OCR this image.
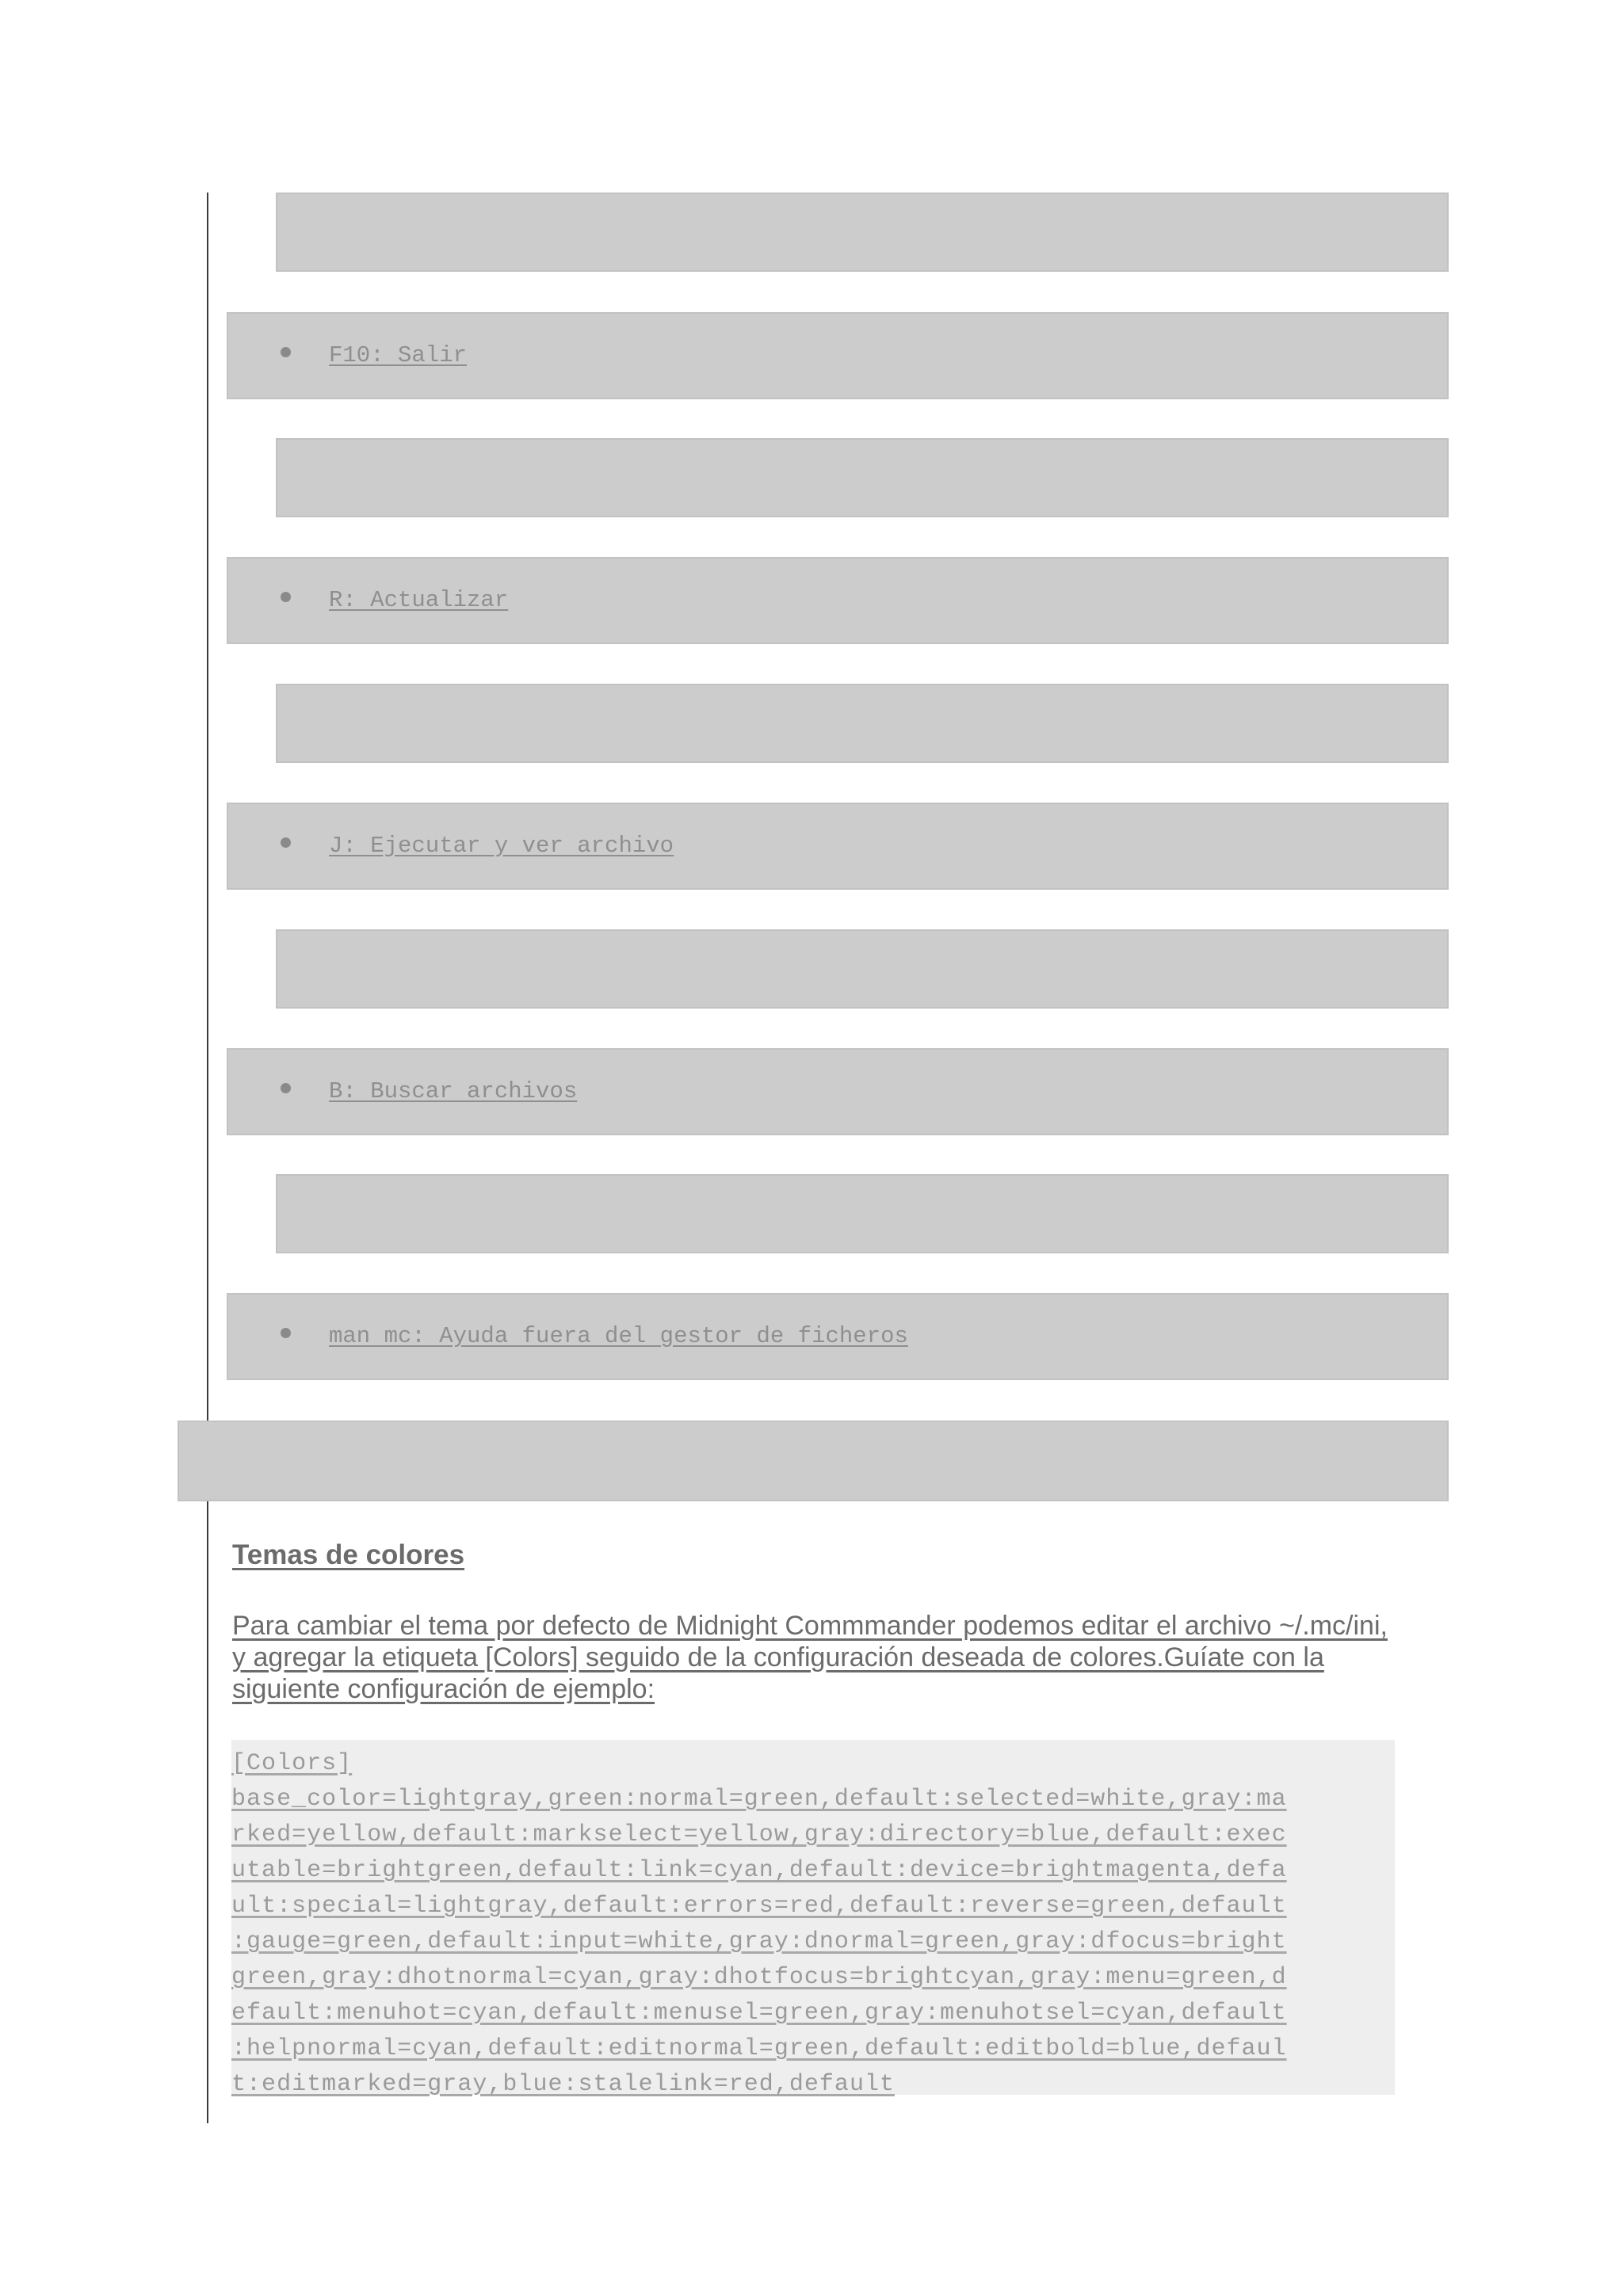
F10: Salir
R: Actualizar
J: Ejecutar y ver archivo
B: Buscar archivos
man mc: Ayuda fuera del gestor de ficheros
Temas de colores

Para cambiar el tema por defecto de Midnight Commmander podemos editar el archivo ~/.mc/ini, y agregar la etiqueta [Colors] seguido de la configuración deseada de colores.Guíate con la siguiente configuración de ejemplo:

[Colors]
base_color=lightgray,green:normal=green,default:selected=white,gray:ma
rked=yellow,default:markselect=yellow,gray:directory=blue,default:exec
utable=brightgreen,default:link=cyan,default:device=brightmagenta,defa
ult:special=lightgray,default:errors=red,default:reverse=green,default
:gauge=green,default:input=white,gray:dnormal=green,gray:dfocus=bright
green,gray:dhotnormal=cyan,gray:dhotfocus=brightcyan,gray:menu=green,d
efault:menuhot=cyan,default:menusel=green,gray:menuhotsel=cyan,default
:helpnormal=cyan,default:editnormal=green,default:editbold=blue,defaul
t:editmarked=gray,blue:stalelink=red,default
